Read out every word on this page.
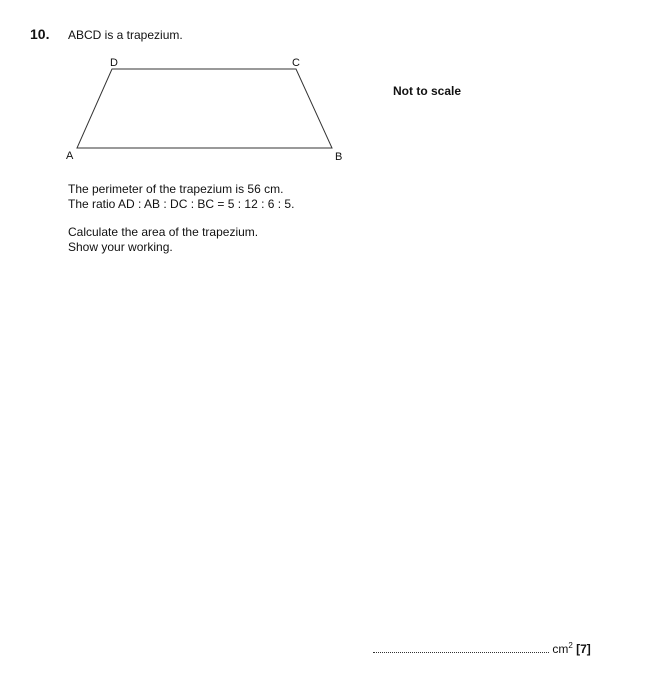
10. ABCD is a trapezium.
A	B
C
D
Not to scale
The perimeter of the trapezium is 56 cm.
The ratio AD : AB : DC : BC = 5 : 12 : 6 : 5.
Calculate the area of the trapezium.
Show your working.
$cm^2$ [7]
